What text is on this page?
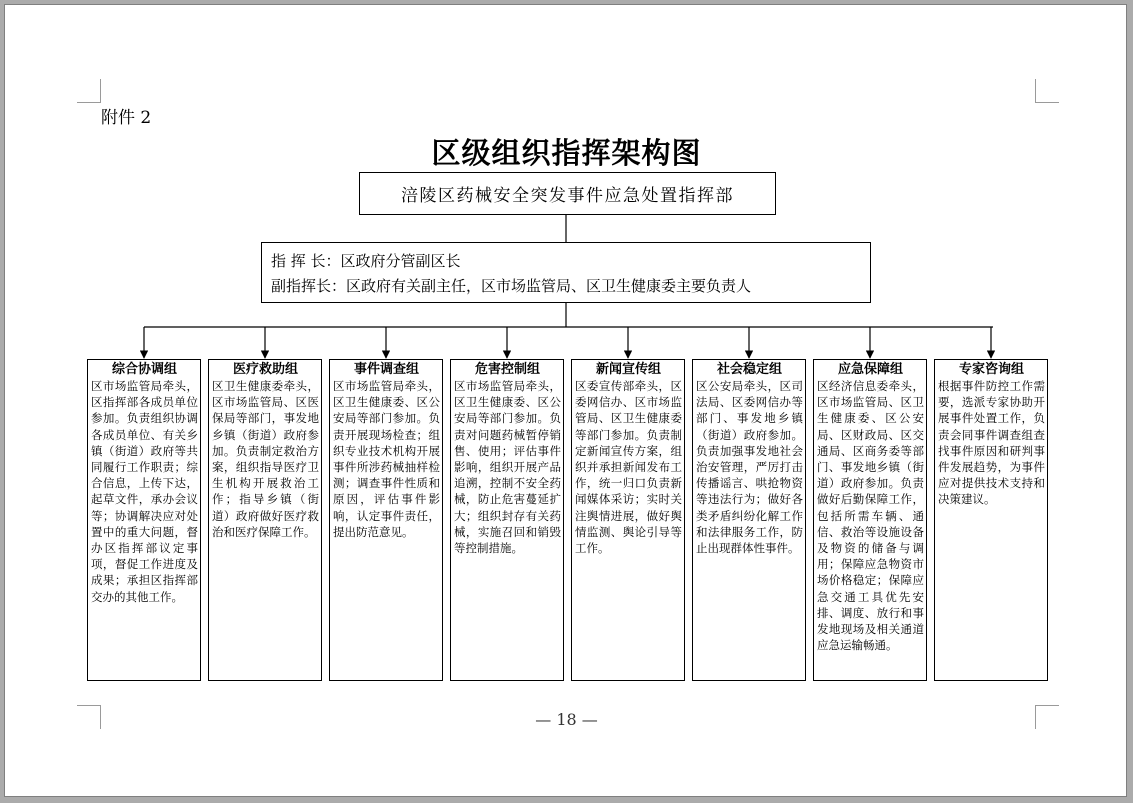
附件 2
区级组织指挥架构图
涪陵区药械安全突发事件应急处置指挥部
指 挥 长：区政府分管副区长
副指挥长：区政府有关副主任，区市场监管局、区卫生健康委主要负责人
综合协调组
区市场监管局牵头，区指挥部各成员单位参加。负责组织协调各成员单位、有关乡镇（街道）政府等共同履行工作职责；综合信息，上传下达，起草文件，承办会议等；协调解决应对处置中的重大问题，督办区指挥部议定事项，督促工作进度及成果；承担区指挥部交办的其他工作。
医疗救助组
区卫生健康委牵头，区市场监管局、区医保局等部门，事发地乡镇（街道）政府参加。负责制定救治方案，组织指导医疗卫生机构开展救治工作；指导乡镇（街道）政府做好医疗救治和医疗保障工作。
事件调查组
区市场监管局牵头，区卫生健康委、区公安局等部门参加。负责开展现场检查；组织专业技术机构开展事件所涉药械抽样检测；调查事件性质和原因，评估事件影响，认定事件责任，提出防范意见。
危害控制组
区市场监管局牵头，区卫生健康委、区公安局等部门参加。负责对问题药械暂停销售、使用；评估事件影响，组织开展产品追溯，控制不安全药械，防止危害蔓延扩大；组织封存有关药械，实施召回和销毁等控制措施。
新闻宣传组
区委宣传部牵头，区委网信办、区市场监管局、区卫生健康委等部门参加。负责制定新闻宣传方案，组织并承担新闻发布工作，统一归口负责新闻媒体采访；实时关注舆情进展，做好舆情监测、舆论引导等工作。
社会稳定组
区公安局牵头，区司法局、区委网信办等部门、事发地乡镇（街道）政府参加。负责加强事发地社会治安管理，严厉打击传播谣言、哄抢物资等违法行为；做好各类矛盾纠纷化解工作和法律服务工作，防止出现群体性事件。
应急保障组
区经济信息委牵头，区市场监管局、区卫生健康委、区公安局、区财政局、区交通局、区商务委等部门、事发地乡镇（街道）政府参加。负责做好后勤保障工作，包括所需车辆、通信、救治等设施设备及物资的储备与调用；保障应急物资市场价格稳定；保障应急交通工具优先安排、调度、放行和事发地现场及相关通道应急运输畅通。
专家咨询组
根据事件防控工作需要，选派专家协助开展事件处置工作，负责会同事件调查组查找事件原因和研判事件发展趋势，为事件应对提供技术支持和决策建议。
— 18 —
